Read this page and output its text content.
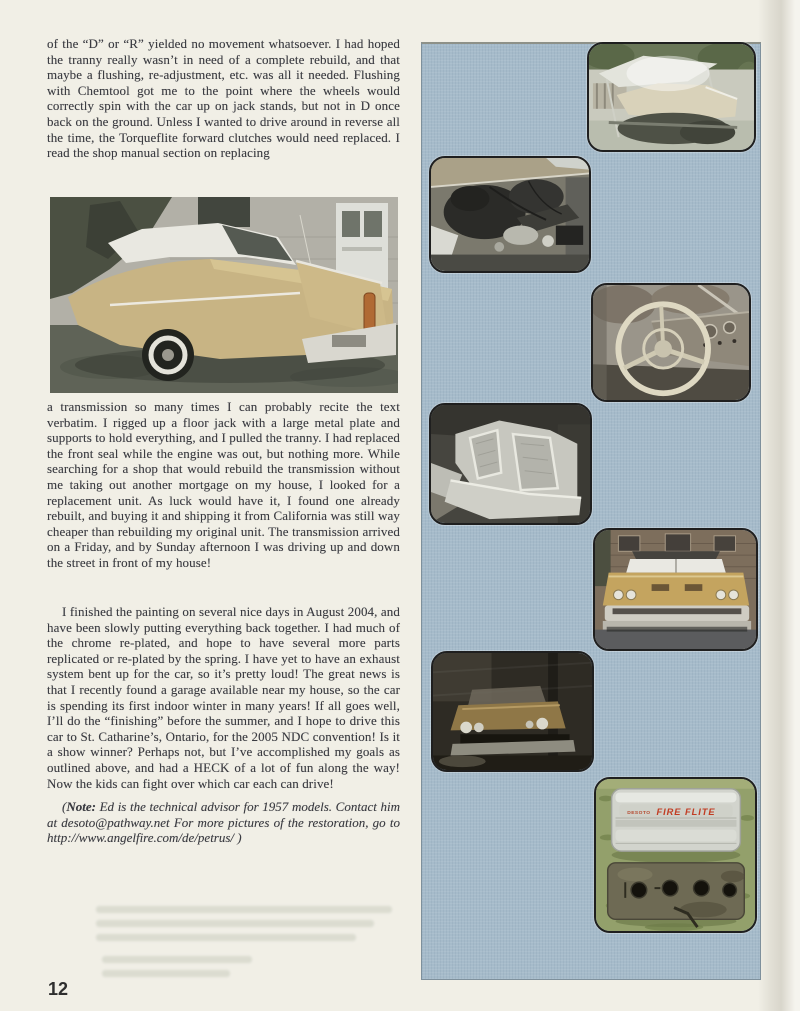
of the “D” or “R” yielded no movement whatsoever. I had hoped the tranny really wasn’t in need of a complete rebuild, and that maybe a flushing, re-adjustment, etc. was all it needed. Flushing with Chemtool got me to the point where the wheels would correctly spin with the car up on jack stands, but not in D once back on the ground. Unless I wanted to drive around in reverse all the time, the Torqueflite forward clutches would need replaced. I read the shop manual section on replacing

a transmission so many times I can probably recite the text verbatim. I rigged up a floor jack with a large metal plate and supports to hold everything, and I pulled the tranny. I had replaced the front seal while the engine was out, but nothing more. While searching for a shop that would rebuild the transmission without me taking out another mortgage on my house, I looked for a replacement unit. As luck would have it, I found one already rebuilt, and buying it and shipping it from California was still way cheaper than rebuilding my original unit. The transmission arrived on a Friday, and by Sunday afternoon I was driving up and down the street in front of my house!

I finished the painting on several nice days in August 2004, and have been slowly putting everything back together. I had much of the chrome re-plated, and hope to have several more parts replicated or re-plated by the spring. I have yet to have an exhaust system bent up for the car, so it’s pretty loud! The great news is that I recently found a garage available near my house, so the car is spending its first indoor winter in many years! If all goes well, I’ll do the “finishing” before the summer, and I hope to drive this car to St. Catharine’s, Ontario, for the 2005 NDC convention! Is it a show winner? Perhaps not, but I’ve accomplished my goals as outlined above, and had a HECK of a lot of fun along the way! Now the kids can fight over which car each can drive!

(Note: Ed is the technical advisor for 1957 models. Contact him at desoto@pathway.net For more pictures of the restoration, go to http://www.angelfire.com/de/petrus/ )

12
DESOTO FIRE FLITE
